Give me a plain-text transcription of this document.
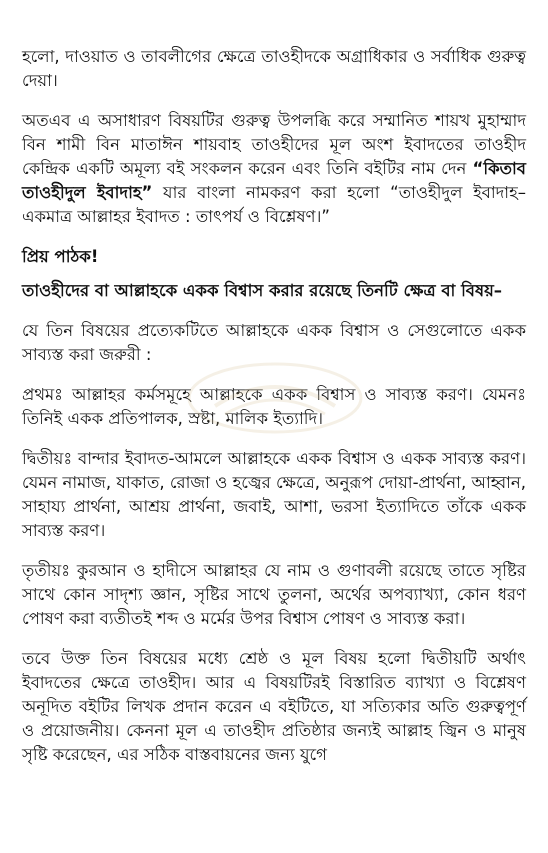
হলো, দাওয়াত ও তাবলীগের ক্ষেত্রে তাওহীদকে অগ্রাধিকার ও সর্বাধিক গুরুত্ব দেয়া।

অতএব এ অসাধারণ বিষয়টির গুরুত্ব উপলব্ধি করে সম্মানিত শায়খ মুহাম্মাদ বিন শামী বিন মাতাঈন শায়বাহ তাওহীদের মূল অংশ ইবাদতের তাওহীদ কেন্দ্রিক একটি অমূল্য বই সংকলন করেন এবং তিনি বইটির নাম দেন “কিতাব তাওহীদুল ইবাদাহ” যার বাংলা নামকরণ করা হলো “তাওহীদুল ইবাদাহ–একমাত্র আল্লাহর ইবাদত : তাৎপর্য ও বিশ্লেষণ।”

প্রিয় পাঠক!

তাওহীদের বা আল্লাহকে একক বিশ্বাস করার রয়েছে তিনটি ক্ষেত্র বা বিষয়–

যে তিন বিষয়ের প্রত্যেকটিতে আল্লাহকে একক বিশ্বাস ও সেগুলোতে একক সাব্যস্ত করা জরুরী :

প্রথমঃ আল্লাহর কর্মসমূহে আল্লাহকে একক বিশ্বাস ও সাব্যস্ত করণ। যেমনঃ তিনিই একক প্রতিপালক, স্রষ্টা, মালিক ইত্যাদি।

দ্বিতীয়ঃ বান্দার ইবাদত-আমলে আল্লাহকে একক বিশ্বাস ও একক সাব্যস্ত করণ। যেমন নামাজ, যাকাত, রোজা ও হজ্বের ক্ষেত্রে, অনুরূপ দোয়া-প্রার্থনা, আহ্বান, সাহায্য প্রার্থনা, আশ্রয় প্রার্থনা, জবাই, আশা, ভরসা ইত্যাদিতে তাঁকে একক সাব্যস্ত করণ।

তৃতীয়ঃ কুরআন ও হাদীসে আল্লাহর যে নাম ও গুণাবলী রয়েছে তাতে সৃষ্টির সাথে কোন সাদৃশ্য জ্ঞান, সৃষ্টির সাথে তুলনা, অর্থের অপব্যাখ্যা, কোন ধরণ পোষণ করা ব্যতীতই শব্দ ও মর্মের উপর বিশ্বাস পোষণ ও সাব্যস্ত করা।

তবে উক্ত তিন বিষয়ের মধ্যে শ্রেষ্ঠ ও মূল বিষয় হলো দ্বিতীয়টি অর্থাৎ ইবাদতের ক্ষেত্রে তাওহীদ। আর এ বিষয়টিরই বিস্তারিত ব্যাখ্যা ও বিশ্লেষণ অনূদিত বইটির লিখক প্রদান করেন এ বইটিতে, যা সত্যিকার অতি গুরুত্বপূর্ণ ও প্রয়োজনীয়। কেননা মূল এ তাওহীদ প্রতিষ্ঠার জন্যই আল্লাহ জ্বিন ও মানুষ সৃষ্টি করেছেন, এর সঠিক বাস্তবায়নের জন্য যুগে
